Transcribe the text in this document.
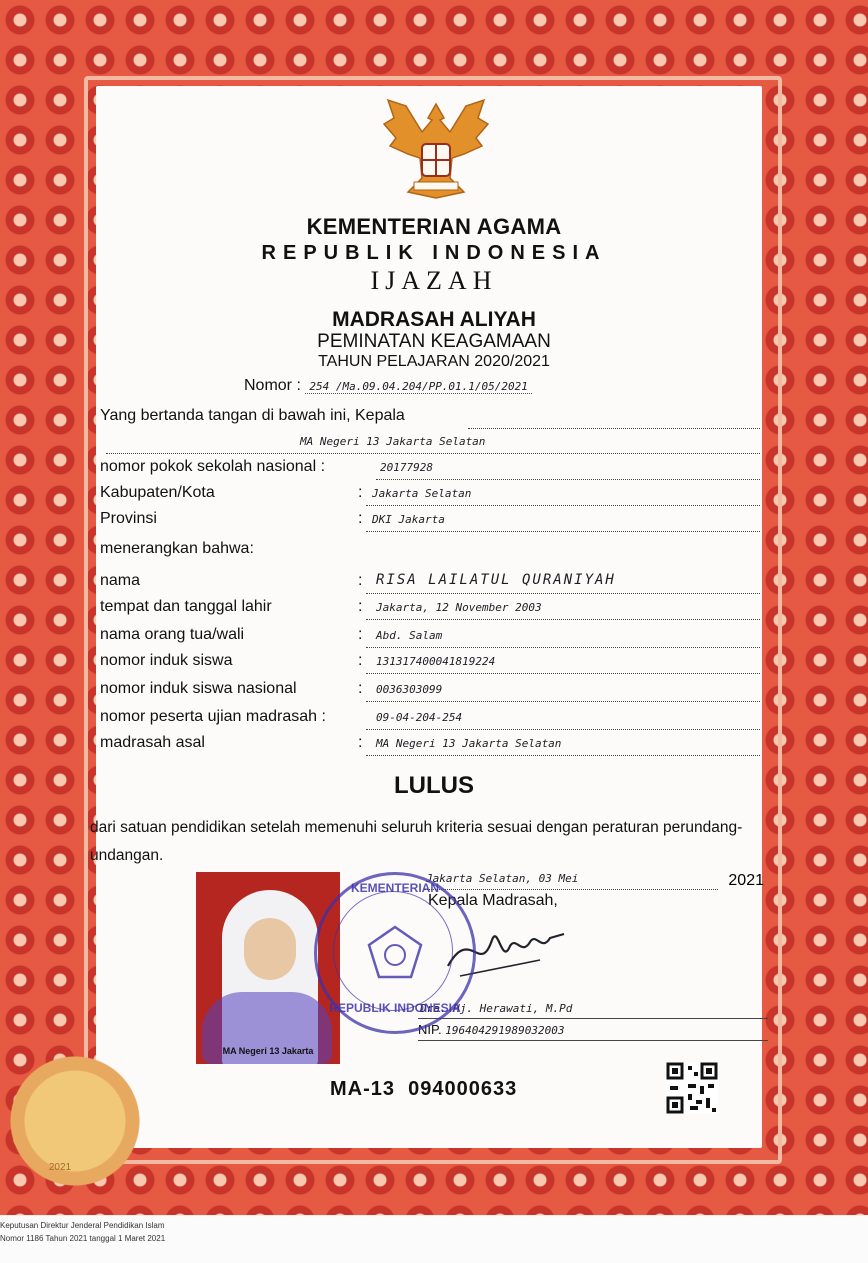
KEMENTERIAN AGAMA
REPUBLIK INDONESIA
IJAZAH
MADRASAH ALIYAH
PEMINATAN KEAGAMAAN
TAHUN PELAJARAN 2020/2021
Nomor : 254 /Ma.09.04.204/PP.01.1/05/2021
Yang bertanda tangan di bawah ini, Kepala
MA Negeri 13 Jakarta Selatan
nomor pokok sekolah nasional :	20177928
Kabupaten/Kota	: Jakarta Selatan
Provinsi	: DKI Jakarta
menerangkan bahwa:
nama	: RISA LAILATUL QURANIYAH
tempat dan tanggal lahir	: Jakarta, 12 November 2003
nama orang tua/wali	: Abd. Salam
nomor induk siswa	: 131317400041819224
nomor induk siswa nasional	: 0036303099
nomor peserta ujian madrasah :	09-04-204-254
madrasah asal	: MA Negeri 13 Jakarta Selatan
LULUS
dari satuan pendidikan setelah memenuhi seluruh kriteria sesuai dengan peraturan perundang-undangan.
Jakarta Selatan, 03 Mei	2021
Kepala Madrasah,
Dra. Hj. Herawati, M.Pd
NIP. 196404291989032003
MA Negeri 13 Jakarta
KEMENTERIAN
REPUBLIK INDONESIA
2021
MA-13 094000633
Keputusan Direktur Jenderal Pendidikan Islam
Nomor 1186 Tahun 2021 tanggal 1 Maret 2021
